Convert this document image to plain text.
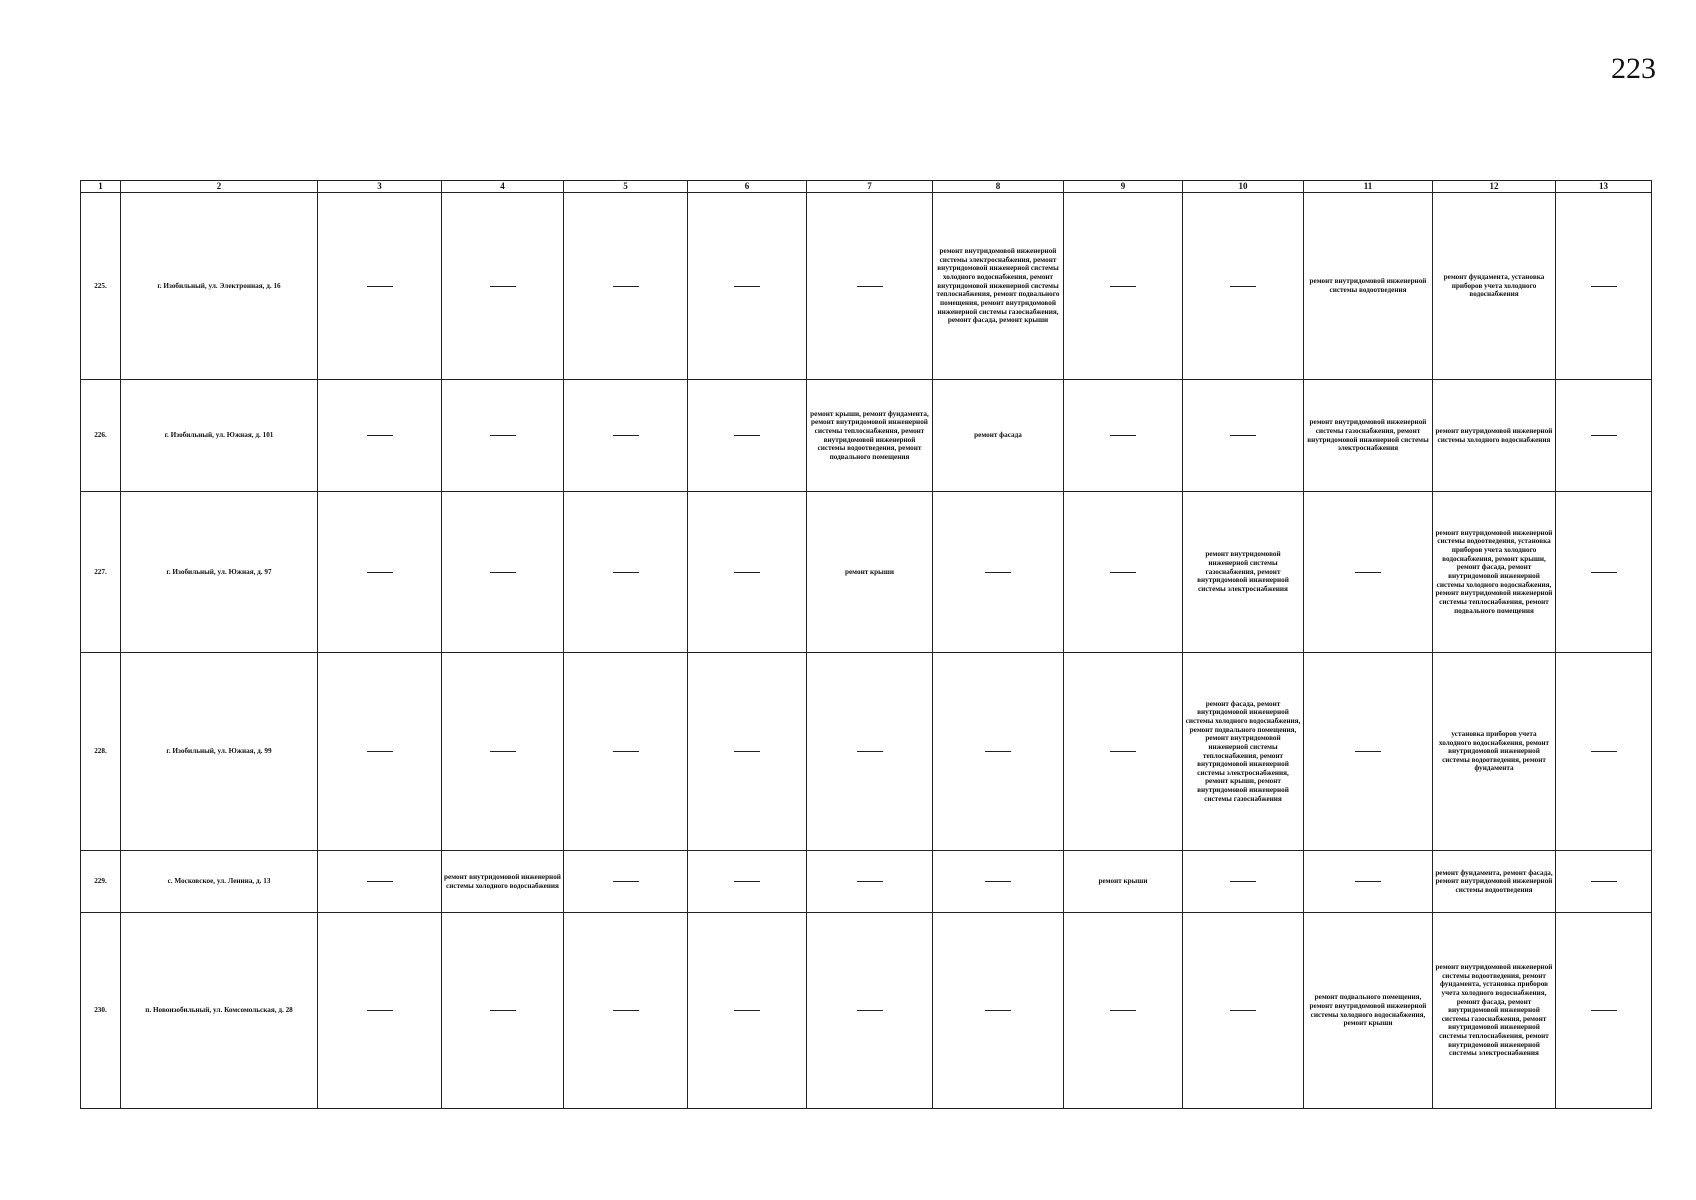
223
1	2	3	4	5	6	7	8	9	10	11	12	13
225.	г. Изобильный, ул. Электронная, д. 16						ремонт внутридомовой инженерной системы электроснабжения, ремонт внутридомовой инженерной системы холодного водоснабжения, ремонт внутридомовой инженерной системы теплоснабжения, ремонт подвального помещения, ремонт внутридомовой инженерной системы газоснабжения, ремонт фасада, ремонт крыши			ремонт внутридомовой инженерной системы водоотведения	ремонт фундамента, установка приборов учета холодного водоснабжения	
226.	г. Изобильный, ул. Южная, д. 101					ремонт крыши, ремонт фундамента, ремонт внутридомовой инженерной системы теплоснабжения, ремонт внутридомовой инженерной системы водоотведения, ремонт подвального помещения	ремонт фасада			ремонт внутридомовой инженерной системы газоснабжения, ремонт внутридомовой инженерной системы электроснабжения	ремонт внутридомовой инженерной системы холодного водоснабжения	
227.	г. Изобильный, ул. Южная, д. 97					ремонт крыши			ремонт внутридомовой инженерной системы газоснабжения, ремонт внутридомовой инженерной системы электроснабжения		ремонт внутридомовой инженерной системы водоотведения, установка приборов учета холодного водоснабжения, ремонт крыши, ремонт фасада, ремонт внутридомовой инженерной системы холодного водоснабжения, ремонт внутридомовой инженерной системы теплоснабжения, ремонт подвального помещения	
228.	г. Изобильный, ул. Южная, д. 99								ремонт фасада, ремонт внутридомовой инженерной системы холодного водоснабжения, ремонт подвального помещения, ремонт внутридомовой инженерной системы теплоснабжения, ремонт внутридомовой инженерной системы электроснабжения, ремонт крыши, ремонт внутридомовой инженерной системы газоснабжения		установка приборов учета холодного водоснабжения, ремонт внутридомовой инженерной системы водоотведения, ремонт фундамента	
229.	с. Московское, ул. Ленина, д. 13		ремонт внутридомовой инженерной системы холодного водоснабжения					ремонт крыши			ремонт фундамента, ремонт фасада, ремонт внутридомовой инженерной системы водоотведения	
230.	п. Новоизобильный, ул. Комсомольская, д. 28									ремонт подвального помещения, ремонт внутридомовой инженерной системы холодного водоснабжения, ремонт крыши	ремонт внутридомовой инженерной системы водоотведения, ремонт фундамента, установка приборов учета холодного водоснабжения, ремонт фасада, ремонт внутридомовой инженерной системы газоснабжения, ремонт внутридомовой инженерной системы теплоснабжения, ремонт внутридомовой инженерной системы электроснабжения	
